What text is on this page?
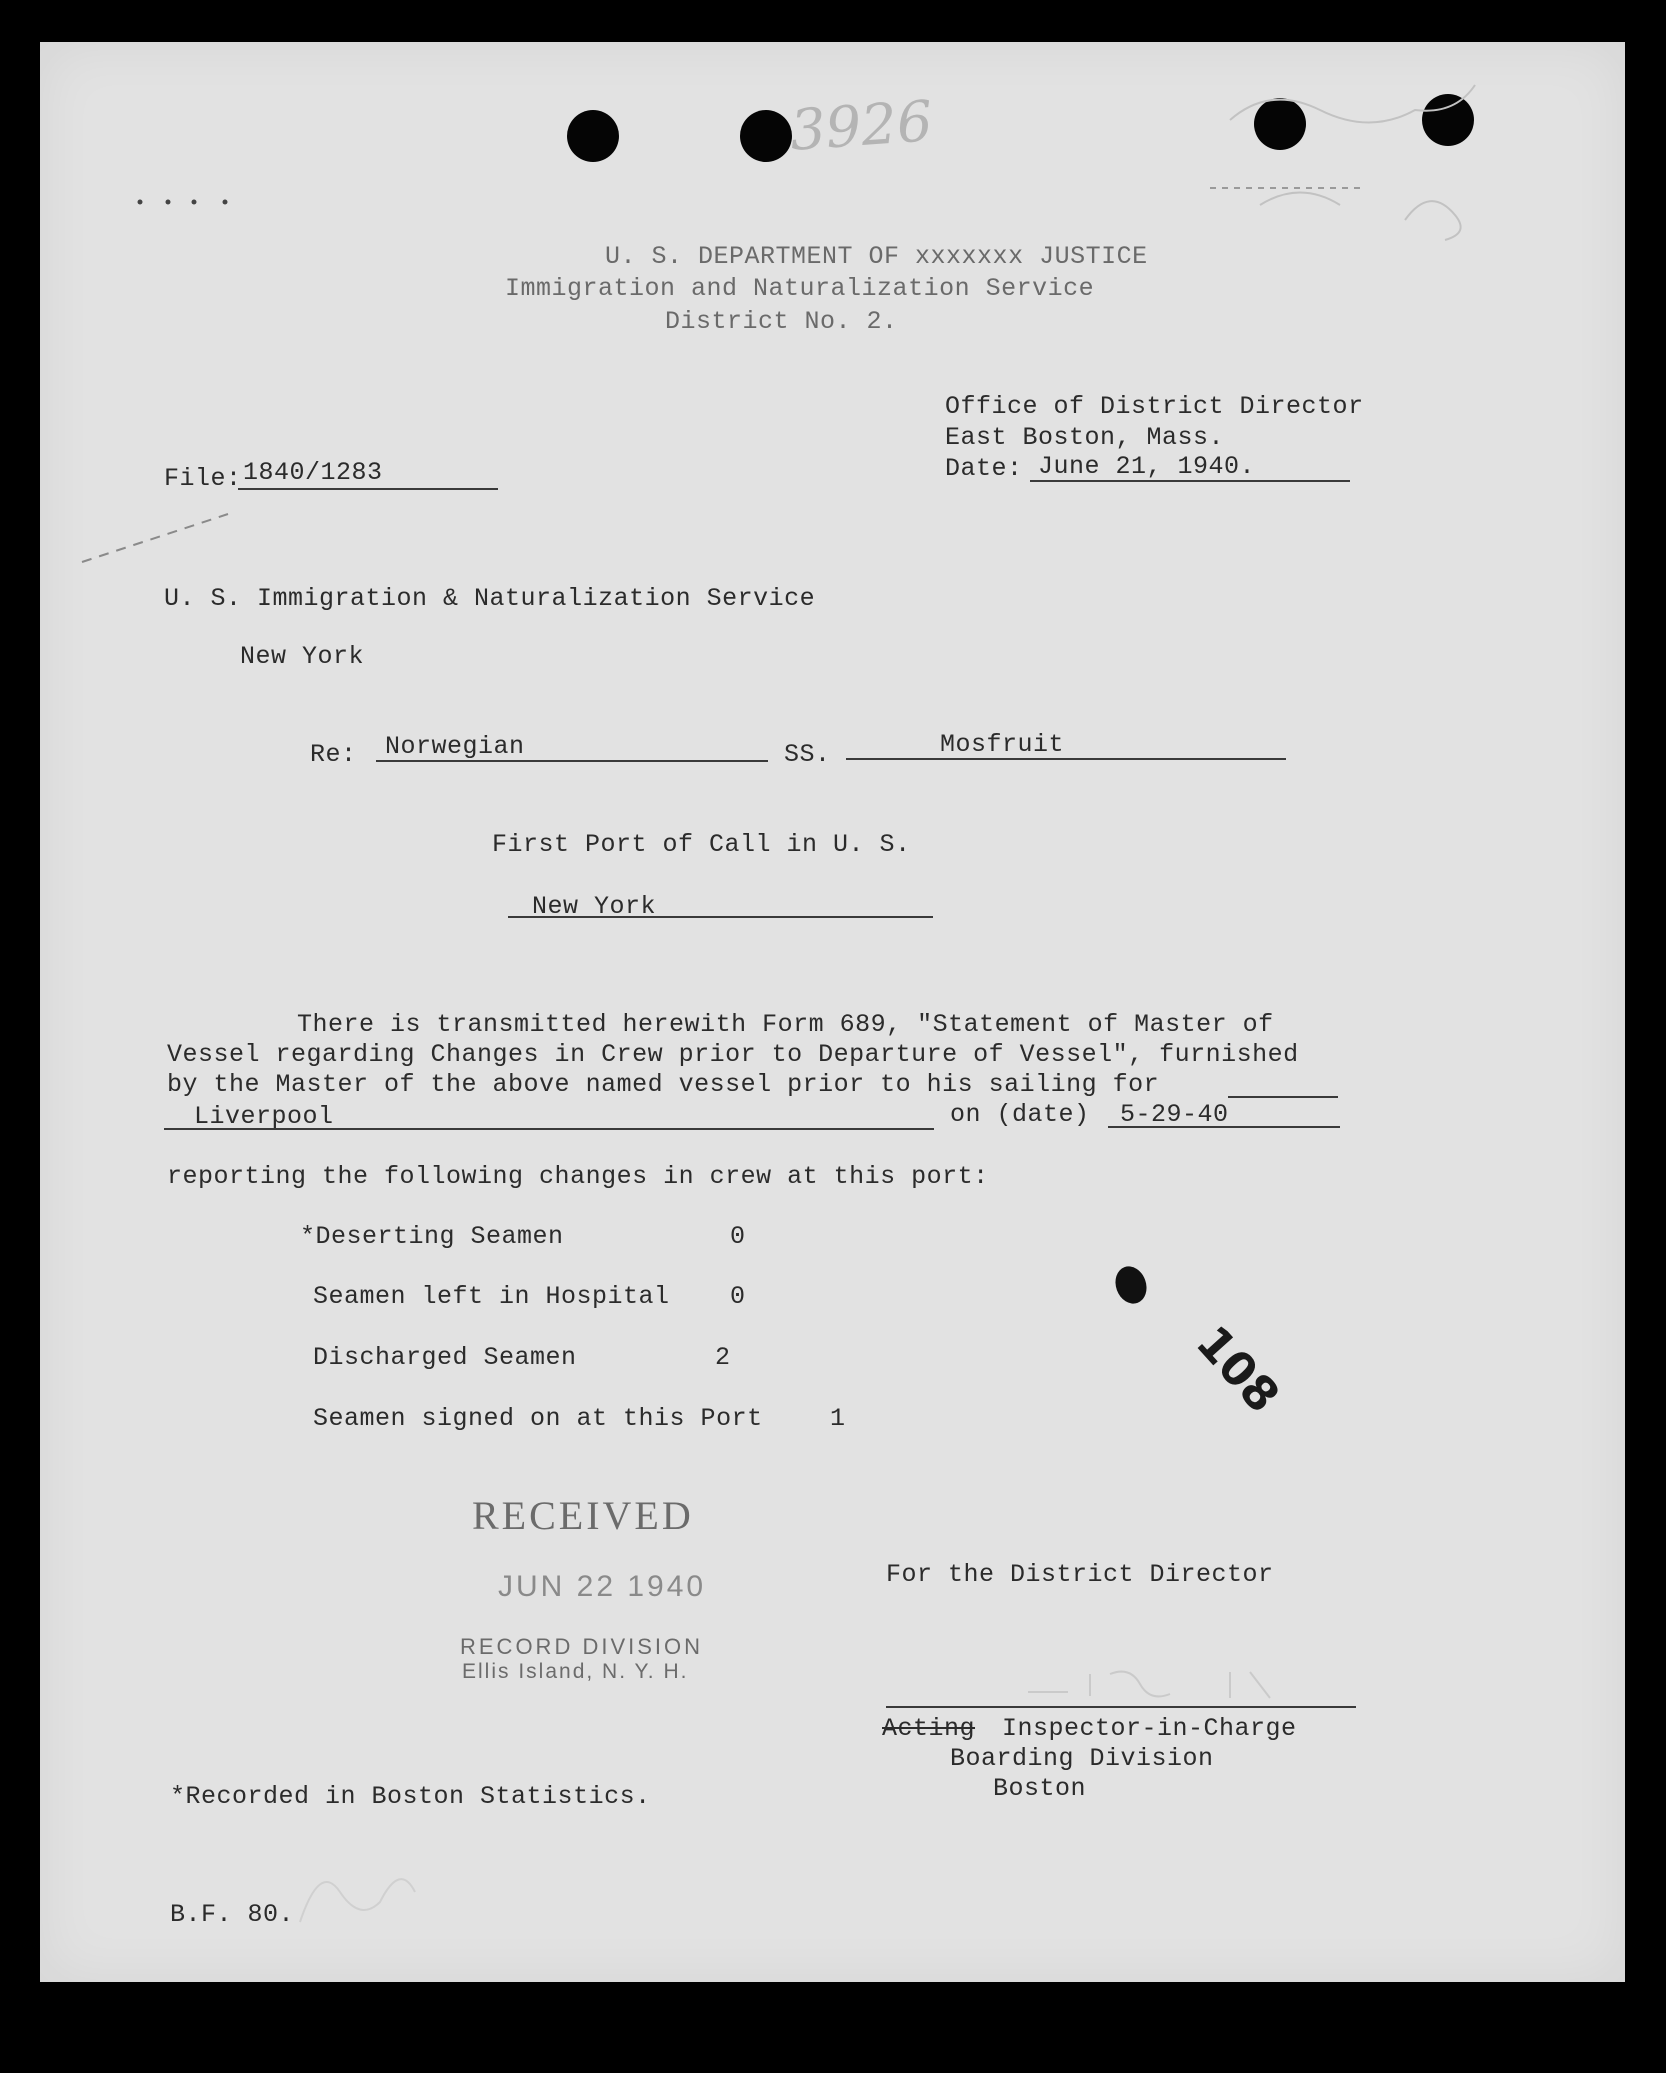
3926
U. S. DEPARTMENT OF xxxxxxx JUSTICE
Immigration and Naturalization Service
District No. 2.
Office of District Director
East Boston, Mass.
Date: June 21, 1940.
File: 1840/1283
U. S. Immigration & Naturalization Service
New York
Re: Norwegian	SS.	Mosfruit
First Port of Call in U. S.
New York
There is transmitted herewith Form 689, "Statement of Master of
Vessel regarding Changes in Crew prior to Departure of Vessel", furnished
by the Master of the above named vessel prior to his sailing for
Liverpool	on (date) 5-29-40
reporting the following changes in crew at this port:
*Deserting Seamen	0
Seamen left in Hospital 0
Discharged Seamen	2
Seamen signed on at this Port	1	108
RECEIVED
JUN 22 1940
RECORD DIVISION
Ellis Island, N. Y. H.
For the District Director
Acting Inspector-in-Charge
Boarding Division
Boston
*Recorded in Boston Statistics.
B.F. 80.
